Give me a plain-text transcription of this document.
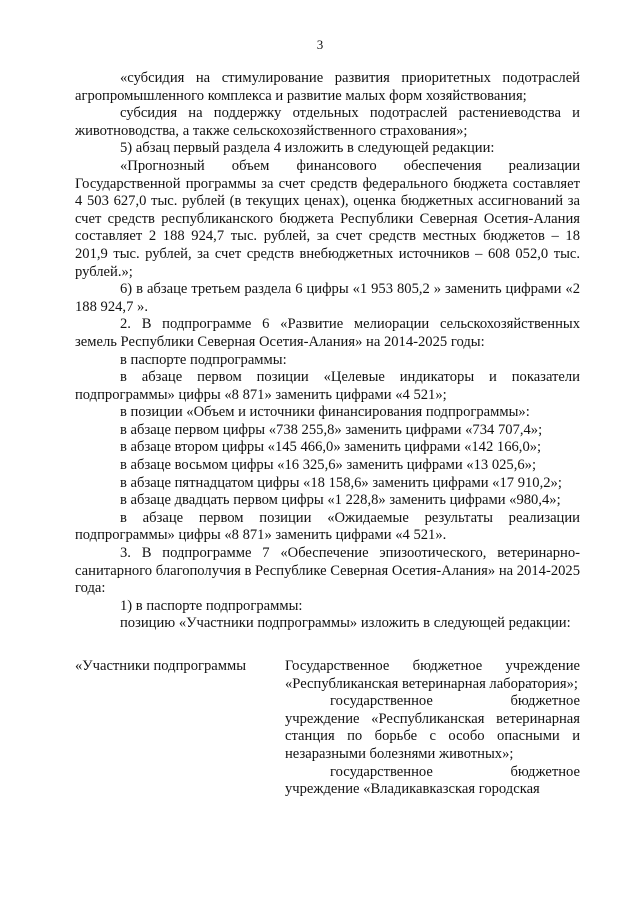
3

«субсидия на стимулирование развития приоритетных подотраслей агропромышленного комплекса и развитие малых форм хозяйствования;

субсидия на поддержку отдельных подотраслей растениеводства и животноводства, а также сельскохозяйственного страхования»;

5) абзац первый раздела 4 изложить в следующей редакции:

«Прогнозный объем финансового обеспечения реализации Государственной программы за счет средств федерального бюджета составляет 4 503 627,0 тыс. рублей (в текущих ценах), оценка бюджетных ассигнований за счет средств республиканского бюджета Республики Северная Осетия-Алания составляет 2 188 924,7 тыс. рублей, за счет средств местных бюджетов – 18 201,9 тыс. рублей, за счет средств внебюджетных источников – 608 052,0 тыс. рублей.»;

6) в абзаце третьем раздела 6 цифры «1 953 805,2 » заменить цифрами «2 188 924,7 ».

2. В подпрограмме 6 «Развитие мелиорации сельскохозяйственных земель Республики Северная Осетия-Алания» на 2014-2025 годы:

в паспорте подпрограммы:

в абзаце первом позиции «Целевые индикаторы и показатели подпрограммы» цифры «8 871» заменить цифрами «4 521»;

в позиции «Объем и источники финансирования подпрограммы»:

в абзаце первом цифры «738 255,8» заменить цифрами «734 707,4»;

в абзаце втором цифры «145 466,0» заменить цифрами «142 166,0»;

в абзаце восьмом цифры «16 325,6» заменить цифрами «13 025,6»;

в абзаце пятнадцатом цифры «18 158,6» заменить цифрами «17 910,2»;

в абзаце двадцать первом цифры «1 228,8» заменить цифрами «980,4»;

в абзаце первом позиции «Ожидаемые результаты реализации подпрограммы» цифры «8 871» заменить цифрами «4 521».

3. В подпрограмме 7 «Обеспечение эпизоотического, ветеринарно-санитарного благополучия в Республике Северная Осетия-Алания» на 2014-2025 года:

1) в паспорте подпрограммы:

позицию «Участники подпрограммы» изложить в следующей редакции:

«Участники подпрограммы	Государственное бюджетное учреждение «Республиканская ветеринарная лаборатория»;

государственное бюджетное учреждение «Республиканская ветеринарная станция по борьбе с особо опасными и незаразными болезнями животных»;

государственное бюджетное учреждение «Владикавказская городская
